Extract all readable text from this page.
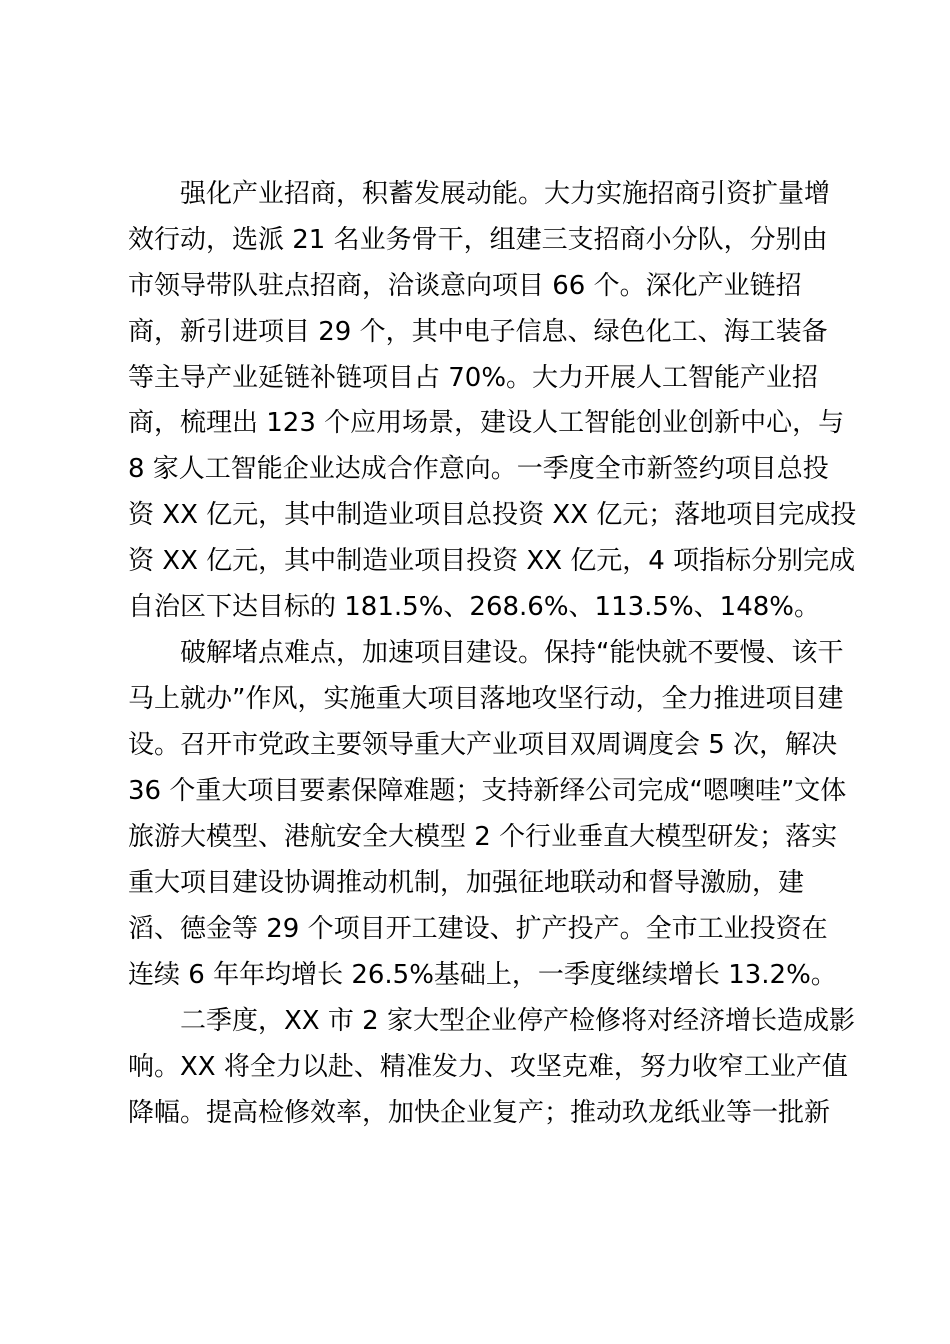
强化产业招商，积蓄发展动能。大力实施招商引资扩量增
效行动，选派 21 名业务骨干，组建三支招商小分队，分别由
市领导带队驻点招商，洽谈意向项目 66 个。深化产业链招
商，新引进项目 29 个，其中电子信息、绿色化工、海工装备
等主导产业延链补链项目占 70%。大力开展人工智能产业招
商，梳理出 123 个应用场景，建设人工智能创业创新中心，与
8 家人工智能企业达成合作意向。一季度全市新签约项目总投
资 XX 亿元，其中制造业项目总投资 XX 亿元；落地项目完成投
资 XX 亿元，其中制造业项目投资 XX 亿元，4 项指标分别完成
自治区下达目标的 181.5%、268.6%、113.5%、148%。
破解堵点难点，加速项目建设。保持“能快就不要慢、该干
马上就办”作风，实施重大项目落地攻坚行动，全力推进项目建
设。召开市党政主要领导重大产业项目双周调度会 5 次，解决
36 个重大项目要素保障难题；支持新绎公司完成“嗯噢哇”文体
旅游大模型、港航安全大模型 2 个行业垂直大模型研发；落实
重大项目建设协调推动机制，加强征地联动和督导激励，建
滔、德金等 29 个项目开工建设、扩产投产。全市工业投资在
连续 6 年年均增长 26.5%基础上，一季度继续增长 13.2%。
二季度，XX 市 2 家大型企业停产检修将对经济增长造成影
响。XX 将全力以赴、精准发力、攻坚克难，努力收窄工业产值
降幅。提高检修效率，加快企业复产；推动玖龙纸业等一批新
